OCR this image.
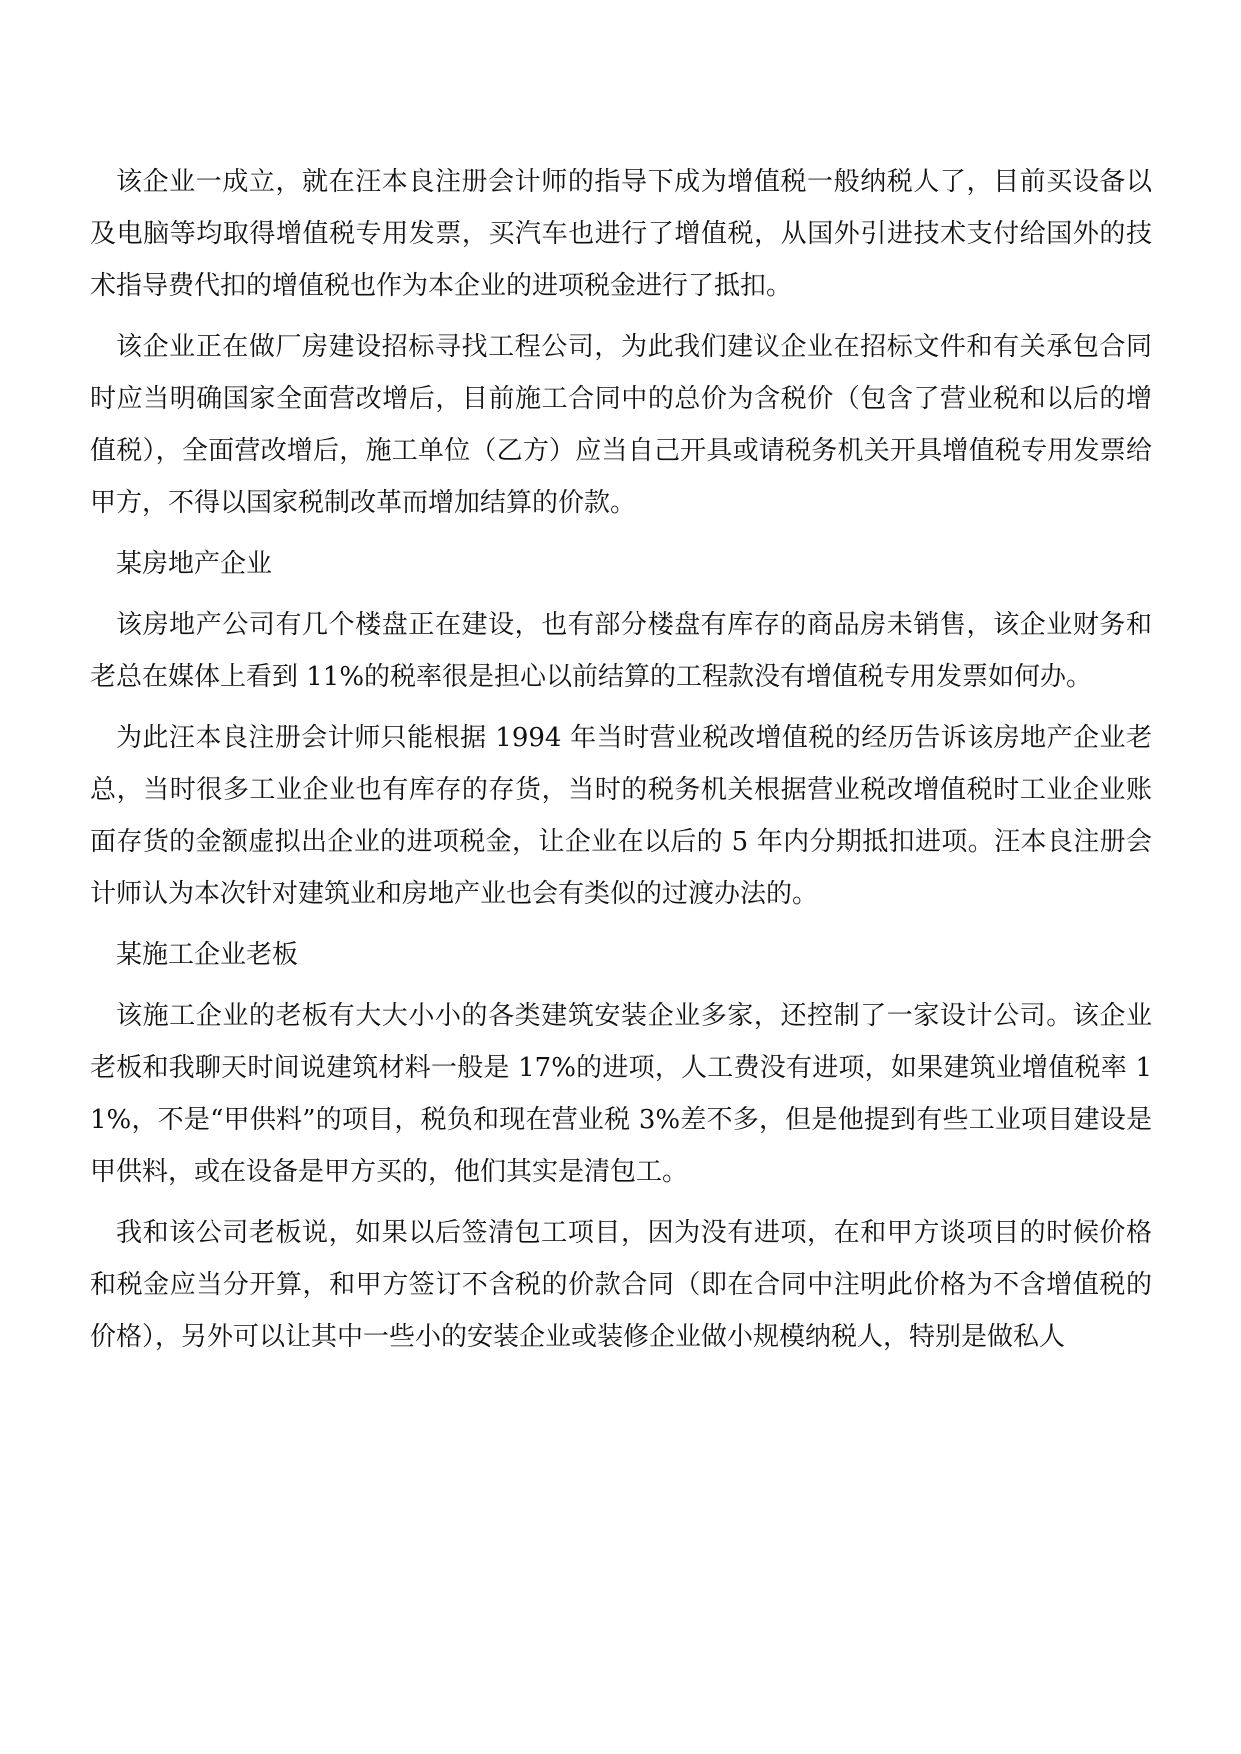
该企业一成立，就在汪本良注册会计师的指导下成为增值税一般纳税人了，目前买设备以及电脑等均取得增值税专用发票，买汽车也进行了增值税，从国外引进技术支付给国外的技术指导费代扣的增值税也作为本企业的进项税金进行了抵扣。

该企业正在做厂房建设招标寻找工程公司，为此我们建议企业在招标文件和有关承包合同时应当明确国家全面营改增后，目前施工合同中的总价为含税价（包含了营业税和以后的增值税），全面营改增后，施工单位（乙方）应当自己开具或请税务机关开具增值税专用发票给甲方，不得以国家税制改革而增加结算的价款。

某房地产企业

该房地产公司有几个楼盘正在建设，也有部分楼盘有库存的商品房未销售，该企业财务和老总在媒体上看到 11%的税率很是担心以前结算的工程款没有增值税专用发票如何办。

为此汪本良注册会计师只能根据 1994 年当时营业税改增值税的经历告诉该房地产企业老总，当时很多工业企业也有库存的存货，当时的税务机关根据营业税改增值税时工业企业账面存货的金额虚拟出企业的进项税金，让企业在以后的 5 年内分期抵扣进项。汪本良注册会计师认为本次针对建筑业和房地产业也会有类似的过渡办法的。

某施工企业老板

该施工企业的老板有大大小小的各类建筑安装企业多家，还控制了一家设计公司。该企业老板和我聊天时间说建筑材料一般是 17%的进项，人工费没有进项，如果建筑业增值税率 11%，不是“甲供料”的项目，税负和现在营业税 3%差不多，但是他提到有些工业项目建设是甲供料，或在设备是甲方买的，他们其实是清包工。

我和该公司老板说，如果以后签清包工项目，因为没有进项，在和甲方谈项目的时候价格和税金应当分开算，和甲方签订不含税的价款合同（即在合同中注明此价格为不含增值税的价格），另外可以让其中一些小的安装企业或装修企业做小规模纳税人，特别是做私人
